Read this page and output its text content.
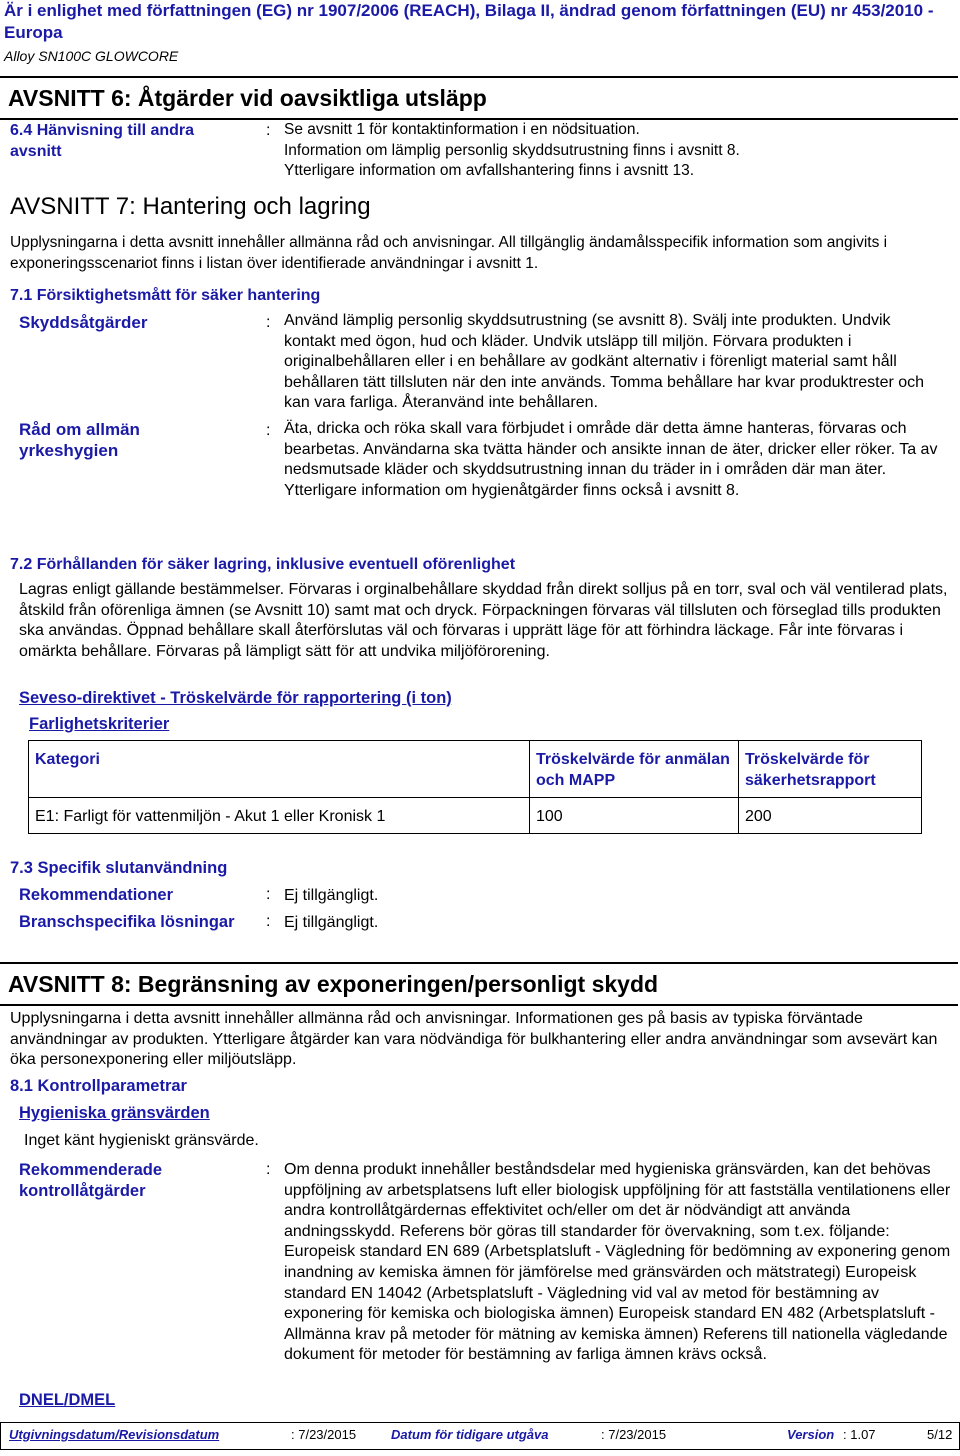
Är i enlighet med författningen (EG) nr 1907/2006 (REACH), Bilaga II, ändrad genom författningen (EU) nr 453/2010 - Europa
Alloy SN100C GLOWCORE
AVSNITT 6: Åtgärder vid oavsiktliga utsläpp
6.4 Hänvisning till andra avsnitt
: Se avsnitt 1 för kontaktinformation i en nödsituation.
Information om lämplig personlig skyddsutrustning finns i avsnitt 8.
Ytterligare information om avfallshantering finns i avsnitt 13.
AVSNITT 7: Hantering och lagring
Upplysningarna i detta avsnitt innehåller allmänna råd och anvisningar. All tillgänglig ändamålsspecifik information som angivits i exponeringsscenariot finns i listan över identifierade användningar i avsnitt 1.
7.1 Försiktighetsmått för säker hantering
Skyddsåtgärder	: Använd lämplig personlig skyddsutrustning (se avsnitt 8). Svälj inte produkten. Undvik kontakt med ögon, hud och kläder. Undvik utsläpp till miljön. Förvara produkten i originalbehållaren eller i en behållare av godkänt alternativ i förenligt material samt håll behållaren tätt tillsluten när den inte används. Tomma behållare har kvar produktrester och kan vara farliga. Återanvänd inte behållaren.
Råd om allmän yrkeshygien
: Äta, dricka och röka skall vara förbjudet i område där detta ämne hanteras, förvaras och bearbetas. Användarna ska tvätta händer och ansikte innan de äter, dricker eller röker. Ta av nedsmutsade kläder och skyddsutrustning innan du träder in i områden där man äter. Ytterligare information om hygienåtgärder finns också i avsnitt 8.
7.2 Förhållanden för säker lagring, inklusive eventuell oförenlighet
Lagras enligt gällande bestämmelser. Förvaras i orginalbehållare skyddad från direkt solljus på en torr, sval och väl ventilerad plats, åtskild från oförenliga ämnen (se Avsnitt 10) samt mat och dryck. Förpackningen förvaras väl tillsluten och förseglad tills produkten ska användas. Öppnad behållare skall återförslutas väl och förvaras i upprätt läge för att förhindra läckage. Får inte förvaras i omärkta behållare. Förvaras på lämpligt sätt för att undvika miljöförorening.
Seveso-direktivet - Tröskelvärde för rapportering (i ton)
Farlighetskriterier
Kategori	Tröskelvärde för anmälan och MAPP	Tröskelvärde för säkerhetsrapport
E1: Farligt för vattenmiljön - Akut 1 eller Kronisk 1	100	200
7.3 Specifik slutanvändning
Rekommendationer	: Ej tillgängligt.
Branschspecifika lösningar : Ej tillgängligt.
AVSNITT 8: Begränsning av exponeringen/personligt skydd
Upplysningarna i detta avsnitt innehåller allmänna råd och anvisningar. Informationen ges på basis av typiska förväntade användningar av produkten. Ytterligare åtgärder kan vara nödvändiga för bulkhantering eller andra användningar som avsevärt kan öka personexponering eller miljöutsläpp.
8.1 Kontrollparametrar
Hygieniska gränsvärden
Inget känt hygieniskt gränsvärde.
Rekommenderade kontrollåtgärder
: Om denna produkt innehåller beståndsdelar med hygieniska gränsvärden, kan det behövas uppföljning av arbetsplatsens luft eller biologisk uppföljning för att fastställa ventilationens eller andra kontrollåtgärdernas effektivitet och/eller om det är nödvändigt att använda andningsskydd. Referens bör göras till standarder för övervakning, som t.ex. följande: Europeisk standard EN 689 (Arbetsplatsluft - Vägledning för bedömning av exponering genom inandning av kemiska ämnen för jämförelse med gränsvärden och mätstrategi) Europeisk standard EN 14042 (Arbetsplatsluft - Vägledning vid val av metod för bestämning av exponering för kemiska och biologiska ämnen) Europeisk standard EN 482 (Arbetsplatsluft - Allmänna krav på metoder för mätning av kemiska ämnen) Referens till nationella vägledande dokument för metoder för bestämning av farliga ämnen krävs också.
DNEL/DMEL
Utgivningsdatum/Revisionsdatum	: 7/23/2015	Datum för tidigare utgåva	: 7/23/2015	Version : 1.07	5/12
